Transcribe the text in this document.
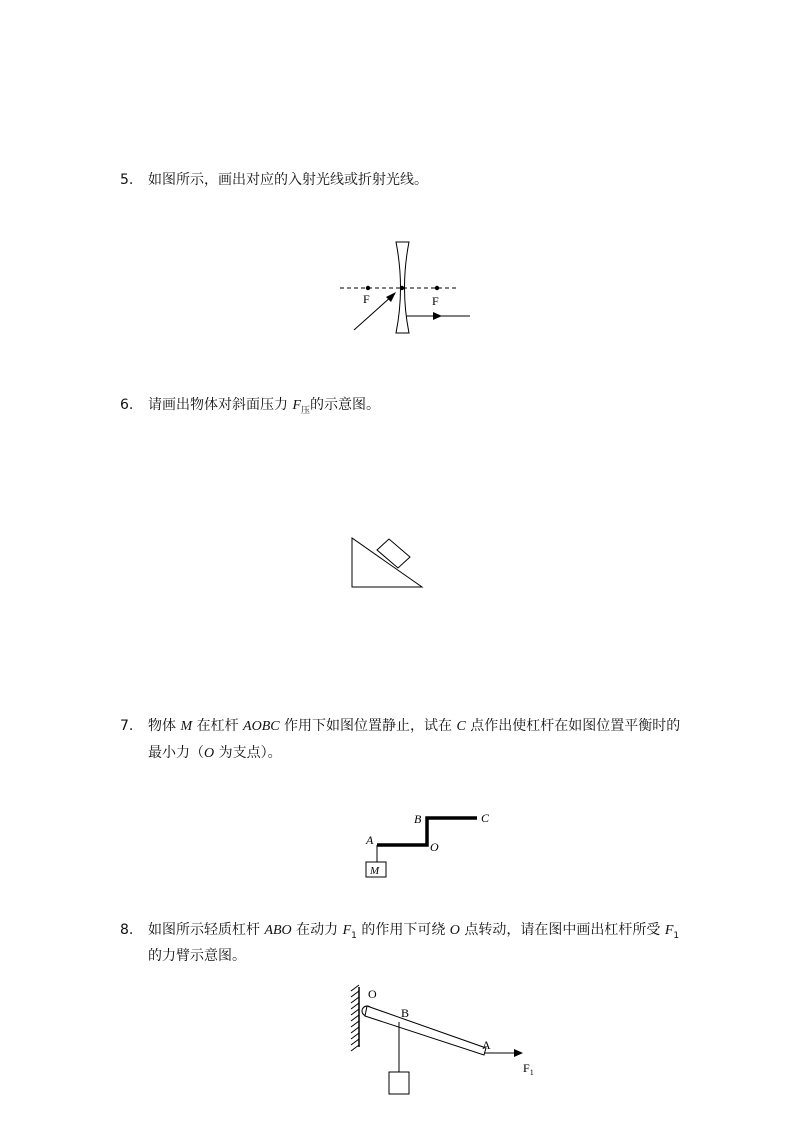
5. 如图所示，画出对应的入射光线或折射光线。
F	F
6. 请画出物体对斜面压力 $F_压$的示意图。
7. 物体 M 在杠杆 AOBC 作用下如图位置静止，试在 C 点作出使杠杆在如图位置平衡时的
最小力（O 为支点）。
M
A
B	C
O
8. 如图所示轻质杠杆 ABO 在动力 $F_1$ 的作用下可绕 O 点转动，请在图中画出杠杆所受 $F_1$
的力臂示意图。
O
B
A
$F_1$
